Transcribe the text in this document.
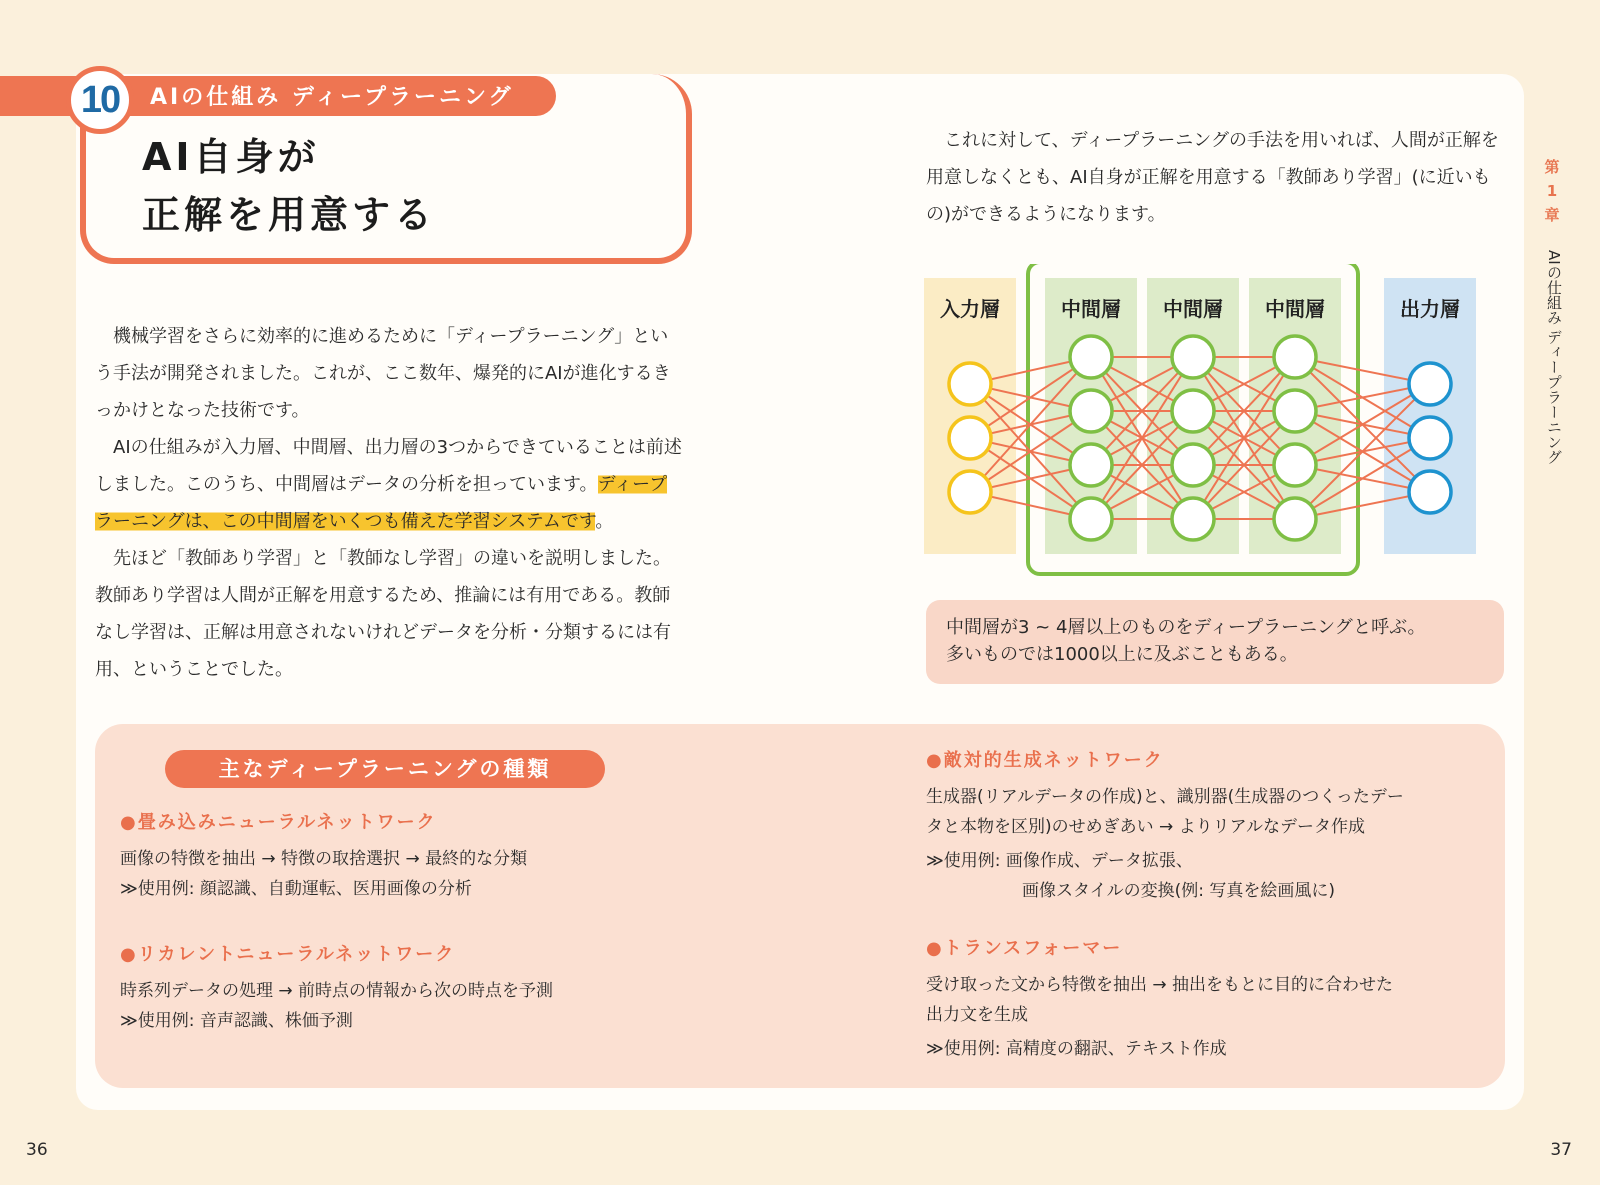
10	AIの仕組み ディープラーニング
AI自身が
正解を用意する

機械学習をさらに効率的に進めるために「ディープラーニング」という手法が開発されました。これが、ここ数年、爆発的にAIが進化するきっかけとなった技術です。

AIの仕組みが入力層、中間層、出力層の3つからできていることは前述しました。このうち、中間層はデータの分析を担っています。ディープラーニングは、この中間層をいくつも備えた学習システムです。

先ほど「教師あり学習」と「教師なし学習」の違いを説明しました。教師あり学習は人間が正解を用意するため、推論には有用である。教師なし学習は、正解は用意されないけれどデータを分析・分類するには有用、ということでした。

これに対して、ディープラーニングの手法を用いれば、人間が正解を用意しなくとも、AI自身が正解を用意する「教師あり学習」(に近いもの)ができるようになります。
入力層	中間層 中間層 中間層	出力層
中間層が3 ~ 4層以上のものをディープラーニングと呼ぶ。
多いものでは1000以上に及ぶこともある。
主なディープラーニングの種類
●畳み込みニューラルネットワーク
画像の特徴を抽出 → 特徴の取捨選択 → 最終的な分類
≫使用例: 顔認識、自動運転、医用画像の分析
●リカレントニューラルネットワーク
時系列データの処理 → 前時点の情報から次の時点を予測
≫使用例: 音声認識、株価予測
●敵対的生成ネットワーク
生成器(リアルデータの作成)と、識別器(生成器のつくったデー
タと本物を区別)のせめぎあい → よりリアルなデータ作成
≫使用例: 画像作成、データ拡張、
画像スタイルの変換(例: 写真を絵画風に)
●トランスフォーマー
受け取った文から特徴を抽出 → 抽出をもとに目的に合わせた
出力文を生成
≫使用例: 高精度の翻訳、テキスト作成
第1章
AIの仕組み ディープラーニング
36	37
